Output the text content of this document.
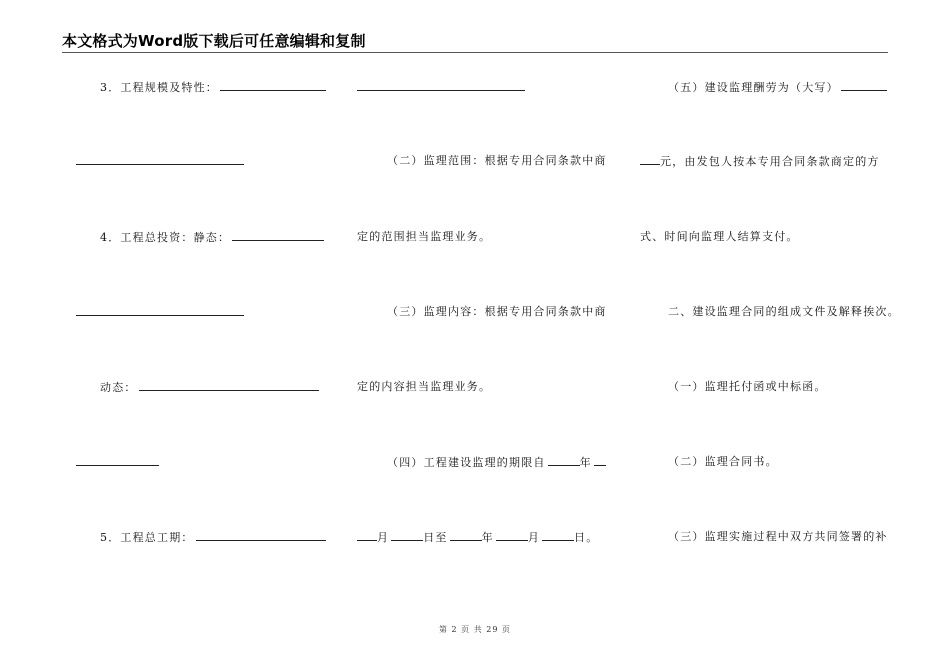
本文格式为Word版下载后可任意编辑和复制
3．工程规模及特性：
4．工程总投资：静态：
动态：
5．工程总工期：
（二）监理范围：根据专用合同条款中商
定的范围担当监理业务。
（三）监理内容：根据专用合同条款中商
定的内容担当监理业务。
（四）工程建设监理的期限自	年
月	日至	年	月	日。
（五）建设监理酬劳为（大写）
元，由发包人按本专用合同条款商定的方
式、时间向监理人结算支付。
二、建设监理合同的组成文件及解释挨次。
（一）监理托付函或中标函。
（二）监理合同书。
（三）监理实施过程中双方共同签署的补
第 2 页 共 29 页
